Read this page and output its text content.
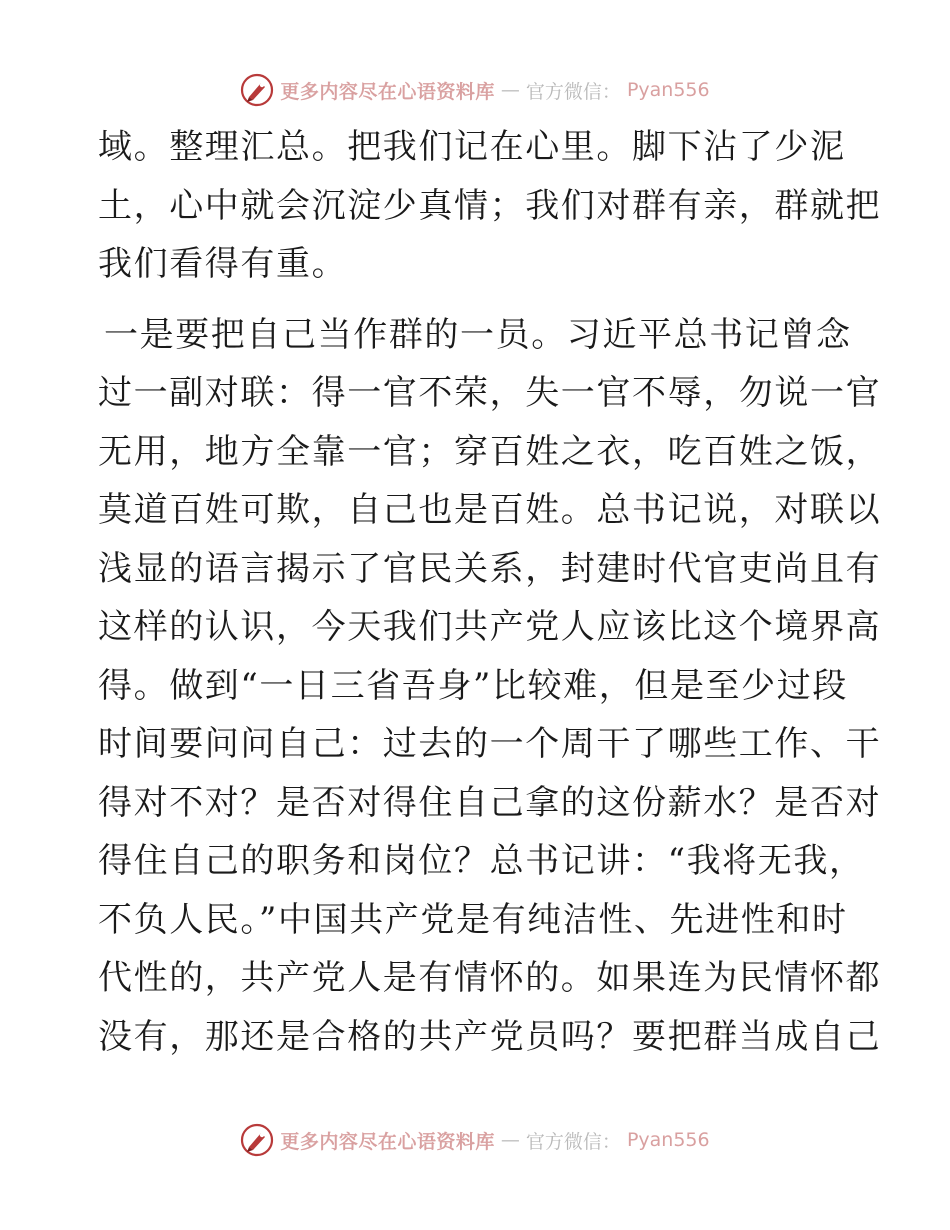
更多内容尽在心语资料库 — 官方微信： Pyan556
域。整理汇总。把我们记在心里。脚下沾了少泥
土，心中就会沉淀少真情；我们对群有亲，群就把
我们看得有重。
一是要把自己当作群的一员。习近平总书记曾念
过一副对联：得一官不荣，失一官不辱，勿说一官
无用，地方全靠一官；穿百姓之衣，吃百姓之饭，
莫道百姓可欺，自己也是百姓。总书记说，对联以
浅显的语言揭示了官民关系，封建时代官吏尚且有
这样的认识，今天我们共产党人应该比这个境界高
得。做到“一日三省吾身”比较难，但是至少过段
时间要问问自己：过去的一个周干了哪些工作、干
得对不对？是否对得住自己拿的这份薪水？是否对
得住自己的职务和岗位？总书记讲：“我将无我，
不负人民。”中国共产党是有纯洁性、先进性和时
代性的，共产党人是有情怀的。如果连为民情怀都
没有，那还是合格的共产党员吗？要把群当成自己
更多内容尽在心语资料库 — 官方微信： Pyan556
